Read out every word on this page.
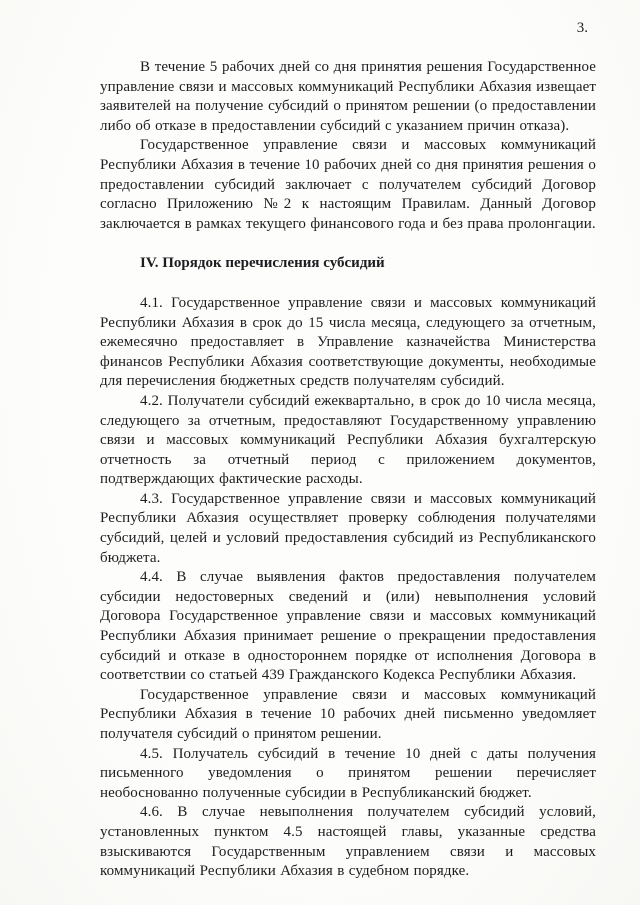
3.

В течение 5 рабочих дней со дня принятия решения Государственное управление связи и массовых коммуникаций Республики Абхазия извещает заявителей на получение субсидий о принятом решении (о предоставлении либо об отказе в предоставлении субсидий с указанием причин отказа).

Государственное управление связи и массовых коммуникаций Республики Абхазия в течение 10 рабочих дней со дня принятия решения о предоставлении субсидий заключает с получателем субсидий Договор согласно Приложению №2 к настоящим Правилам. Данный Договор заключается в рамках текущего финансового года и без права пролонгации.

IV. Порядок перечисления субсидий

4.1. Государственное управление связи и массовых коммуникаций Республики Абхазия в срок до 15 числа месяца, следующего за отчетным, ежемесячно предоставляет в Управление казначейства Министерства финансов Республики Абхазия соответствующие документы, необходимые для перечисления бюджетных средств получателям субсидий.

4.2. Получатели субсидий ежеквартально, в срок до 10 числа месяца, следующего за отчетным, предоставляют Государственному управлению связи и массовых коммуникаций Республики Абхазия бухгалтерскую отчетность за отчетный период с приложением документов, подтверждающих фактические расходы.

4.3. Государственное управление связи и массовых коммуникаций Республики Абхазия осуществляет проверку соблюдения получателями субсидий, целей и условий предоставления субсидий из Республиканского бюджета.

4.4. В случае выявления фактов предоставления получателем субсидии недостоверных сведений и (или) невыполнения условий Договора Государственное управление связи и массовых коммуникаций Республики Абхазия принимает решение о прекращении предоставления субсидий и отказе в одностороннем порядке от исполнения Договора в соответствии со статьей 439 Гражданского Кодекса Республики Абхазия.

Государственное управление связи и массовых коммуникаций Республики Абхазия в течение 10 рабочих дней письменно уведомляет получателя субсидий о принятом решении.

4.5. Получатель субсидий в течение 10 дней с даты получения письменного уведомления о принятом решении перечисляет необоснованно полученные субсидии в Республиканский бюджет.

4.6. В случае невыполнения получателем субсидий условий, установленных пунктом 4.5 настоящей главы, указанные средства взыскиваются Государственным управлением связи и массовых коммуникаций Республики Абхазия в судебном порядке.
